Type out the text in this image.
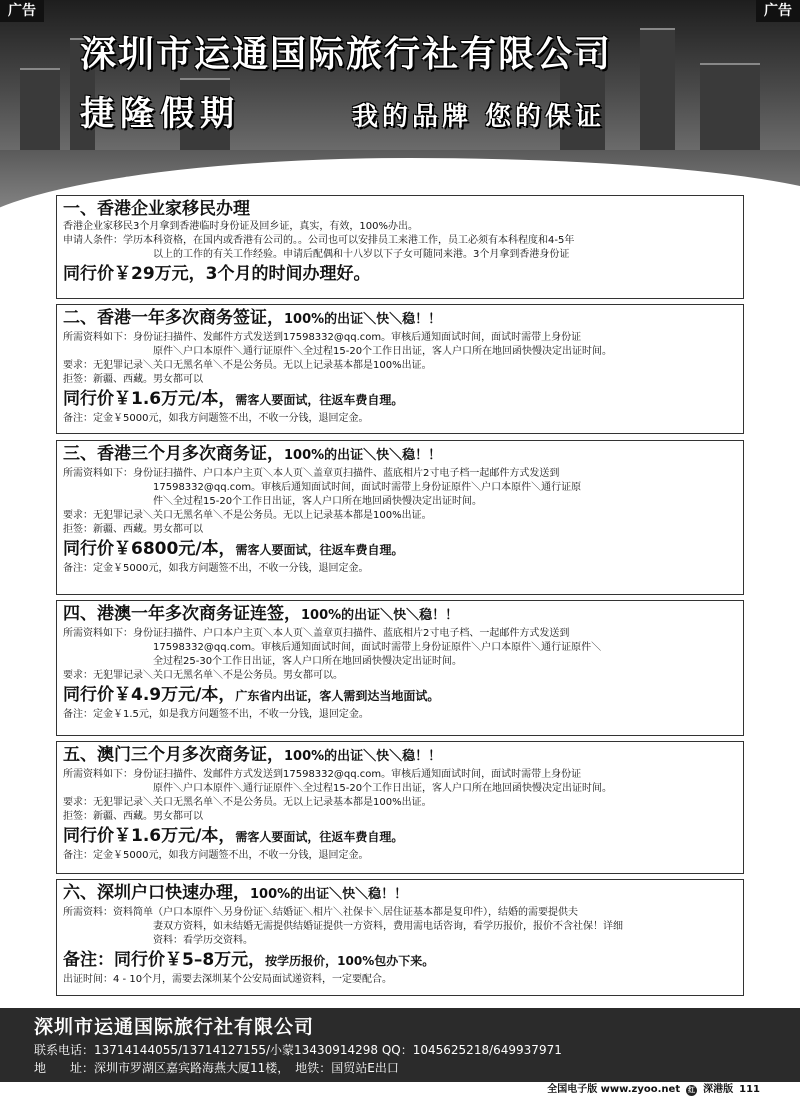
深圳市运通国际旅行社有限公司
捷隆假期	我的品牌 您的保证
广告	广告
一、香港企业家移民办理

香港企业家移民3个月拿到香港临时身份证及回乡证，真实，有效，100%办出。

申请人条件：学历本科资格，在国内或香港有公司的。。公司也可以安排员工来港工作，员工必须有本科程度和4-5年

以上的工作的有关工作经验。申请后配偶和十八岁以下子女可随同来港。3个月拿到香港身份证

同行价￥29万元，3个月的时间办理好。

二、香港一年多次商务签证，100%的出证＼快＼稳！！

所需资料如下：身份证扫描件、发邮件方式发送到17598332@qq.com。审核后通知面试时间，面试时需带上身份证

原件＼户口本原件＼通行证原件＼全过程15-20个工作日出证，客人户口所在地回函快慢决定出证时间。

要求：无犯罪记录＼关口无黑名单＼不是公务员。无以上记录基本都是100%出证。

拒签：新疆、西藏。男女都可以

同行价￥1.6万元/本，需客人要面试，往返车费自理。

备注：定金￥5000元，如我方问题签不出，不收一分钱，退回定金。

三、香港三个月多次商务证，100%的出证＼快＼稳！！

所需资料如下：身份证扫描件、户口本户主页＼本人页＼盖章页扫描件、蓝底相片2寸电子档一起邮件方式发送到

17598332@qq.com。审核后通知面试时间，面试时需带上身份证原件＼户口本原件＼通行证原

件＼全过程15-20个工作日出证，客人户口所在地回函快慢决定出证时间。

要求：无犯罪记录＼关口无黑名单＼不是公务员。无以上记录基本都是100%出证。

拒签：新疆、西藏。男女都可以

同行价￥6800元/本，需客人要面试，往返车费自理。

备注：定金￥5000元，如我方问题签不出，不收一分钱，退回定金。

四、港澳一年多次商务证连签，100%的出证＼快＼稳！！

所需资料如下：身份证扫描件、户口本户主页＼本人页＼盖章页扫描件、蓝底相片2寸电子档、一起邮件方式发送到

17598332@qq.com。审核后通知面试时间，面试时需带上身份证原件＼户口本原件＼通行证原件＼

全过程25-30个工作日出证，客人户口所在地回函快慢决定出证时间。

要求：无犯罪记录＼关口无黑名单＼不是公务员。男女都可以。

同行价￥4.9万元/本，广东省内出证，客人需到达当地面试。

备注：定金￥1.5元，如是我方问题签不出，不收一分钱，退回定金。

五、澳门三个月多次商务证，100%的出证＼快＼稳！！

所需资料如下：身份证扫描件、发邮件方式发送到17598332@qq.com。审核后通知面试时间，面试时需带上身份证

原件＼户口本原件＼通行证原件＼全过程15-20个工作日出证，客人户口所在地回函快慢决定出证时间。

要求：无犯罪记录＼关口无黑名单＼不是公务员。无以上记录基本都是100%出证。

拒签：新疆、西藏。男女都可以

同行价￥1.6万元/本，需客人要面试，往返车费自理。

备注：定金￥5000元，如我方问题签不出，不收一分钱，退回定金。

六、深圳户口快速办理，100%的出证＼快＼稳！！

所需资料：资料简单（户口本原件＼另身份证＼结婚证＼相片＼社保卡＼居住证基本都是复印件），结婚的需要提供夫

妻双方资料，如未结婚无需提供结婚证提供一方资料，费用需电话咨询，看学历报价，报价不含社保！详细

资料：看学历交资料。

备注：同行价￥5–8万元，按学历报价，100%包办下来。

出证时间：4 - 10个月，需要去深圳某个公安局面试递资料，一定要配合。

深圳市运通国际旅行社有限公司
联系电话：13714144055/13714127155/小蒙13430914298 QQ：1045625218/649937971
地　　址：深圳市罗湖区嘉宾路海燕大厦11楼，　地铁：国贸站E出口
全国电子版 www.zyoo.net 红 深港版 111
